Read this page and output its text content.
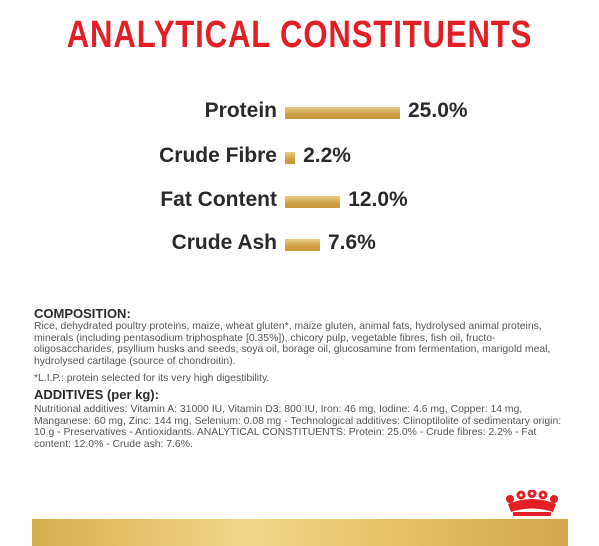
ANALYTICAL CONSTITUENTS
Protein	25.0%
Crude Fibre 2.2%
Fat Content	12.0%
Crude Ash 7.6%
COMPOSITION:
Rice, dehydrated poultry proteins, maize, wheat gluten*, maize gluten, animal fats, hydrolysed animal proteins, minerals (including pentasodium triphosphate [0.35%]), chicory pulp, vegetable fibres, fish oil, fructo-oligosaccharides, psyllium husks and seeds, soya oil, borage oil, glucosamine from fermentation, marigold meal, hydrolysed cartilage (source of chondroitin).
*L.I.P.: protein selected for its very high digestibility.
ADDITIVES (per kg):
Nutritional additives: Vitamin A: 31000 IU, Vitamin D3: 800 IU, Iron: 46 mg, Iodine: 4.6 mg, Copper: 14 mg, Manganese: 60 mg, Zinc: 144 mg, Selenium: 0.08 mg - Technological additives: Clinoptilolite of sedimentary origin: 10 g - Preservatives - Antioxidants. ANALYTICAL CONSTITUENTS: Protein: 25.0% - Crude fibres: 2.2% - Fat content: 12.0% - Crude ash: 7.6%.
